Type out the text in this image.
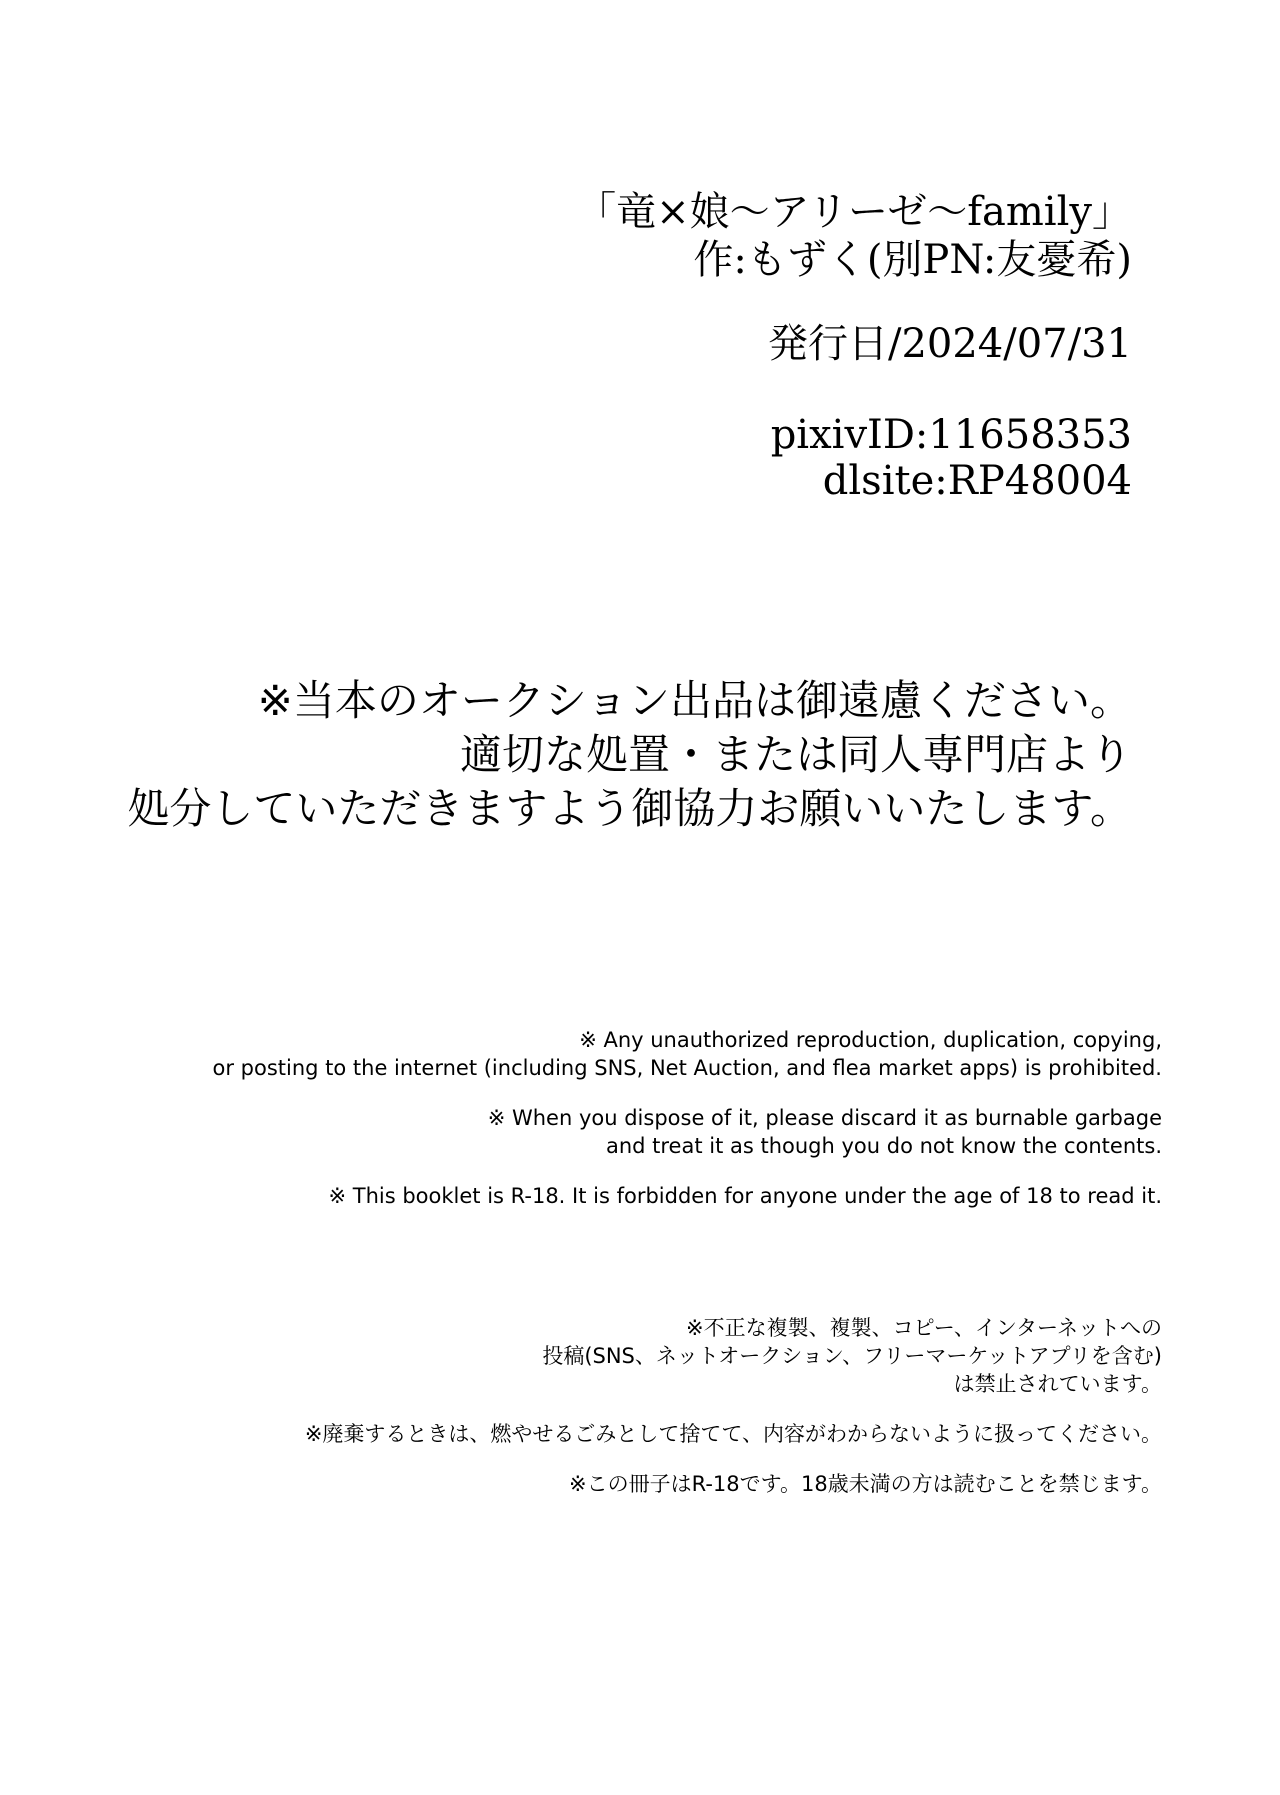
「竜×娘～アリーゼ～family」
作:もずく(別PN:友憂希)
発行日/2024/07/31
pixivID:11658353
dlsite:RP48004
※当本のオークション出品は御遠慮ください。
適切な処置・または同人専門店より
処分していただきますよう御協力お願いいたします。
※ Any unauthorized reproduction, duplication, copying,
or posting to the internet (including SNS, Net Auction, and flea market apps) is prohibited.
※ When you dispose of it, please discard it as burnable garbage
and treat it as though you do not know the contents.
※ This booklet is R-18. It is forbidden for anyone under the age of 18 to read it.
※不正な複製、複製、コピー、インターネットへの
投稿(SNS、ネットオークション、フリーマーケットアプリを含む)
は禁止されています。
※廃棄するときは、燃やせるごみとして捨てて、内容がわからないように扱ってください。
※この冊子はR-18です。18歳未満の方は読むことを禁じます。
